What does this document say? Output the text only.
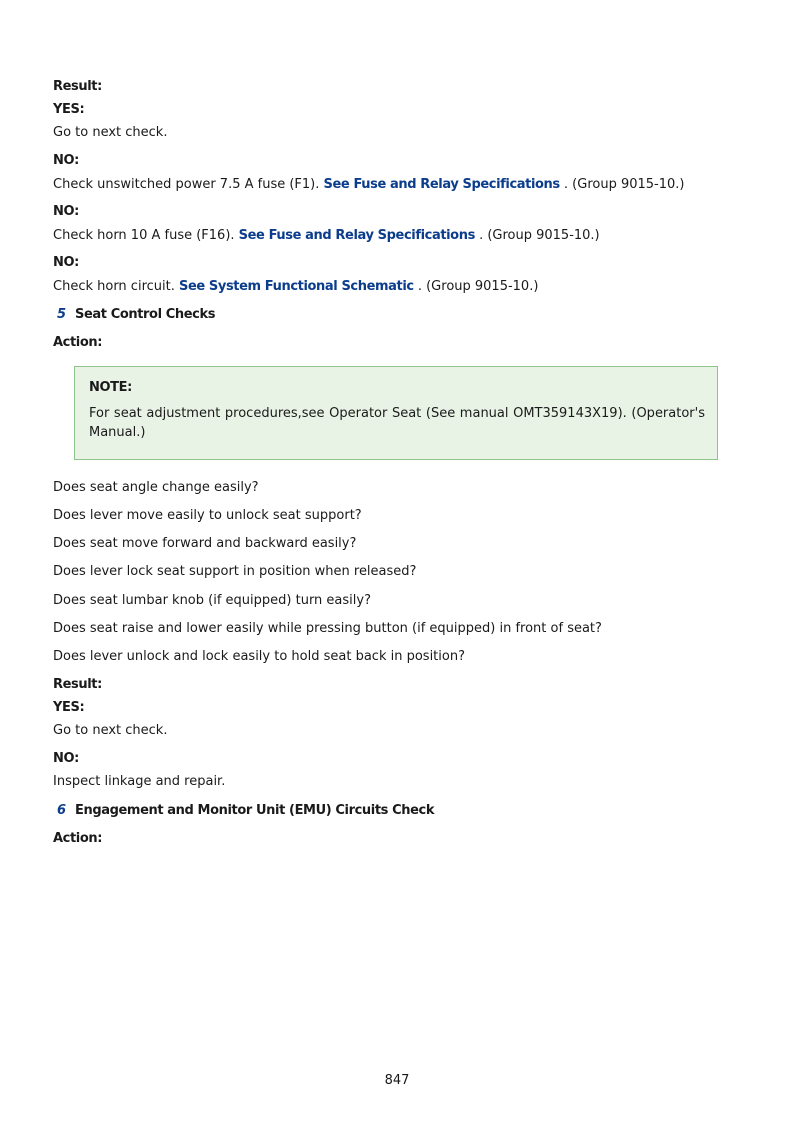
Result:
YES:
Go to next check.
NO:
Check unswitched power 7.5 A fuse (F1). See Fuse and Relay Specifications . (Group 9015-10.)
NO:
Check horn 10 A fuse (F16). See Fuse and Relay Specifications . (Group 9015-10.)
NO:
Check horn circuit. See System Functional Schematic . (Group 9015-10.)
5 Seat Control Checks
Action:
NOTE:
For seat adjustment procedures,see Operator Seat (See manual OMT359143X19). (Operator's Manual.)
Does seat angle change easily?
Does lever move easily to unlock seat support?
Does seat move forward and backward easily?
Does lever lock seat support in position when released?
Does seat lumbar knob (if equipped) turn easily?
Does seat raise and lower easily while pressing button (if equipped) in front of seat?
Does lever unlock and lock easily to hold seat back in position?
Result:
YES:
Go to next check.
NO:
Inspect linkage and repair.
6 Engagement and Monitor Unit (EMU) Circuits Check
Action:
847
